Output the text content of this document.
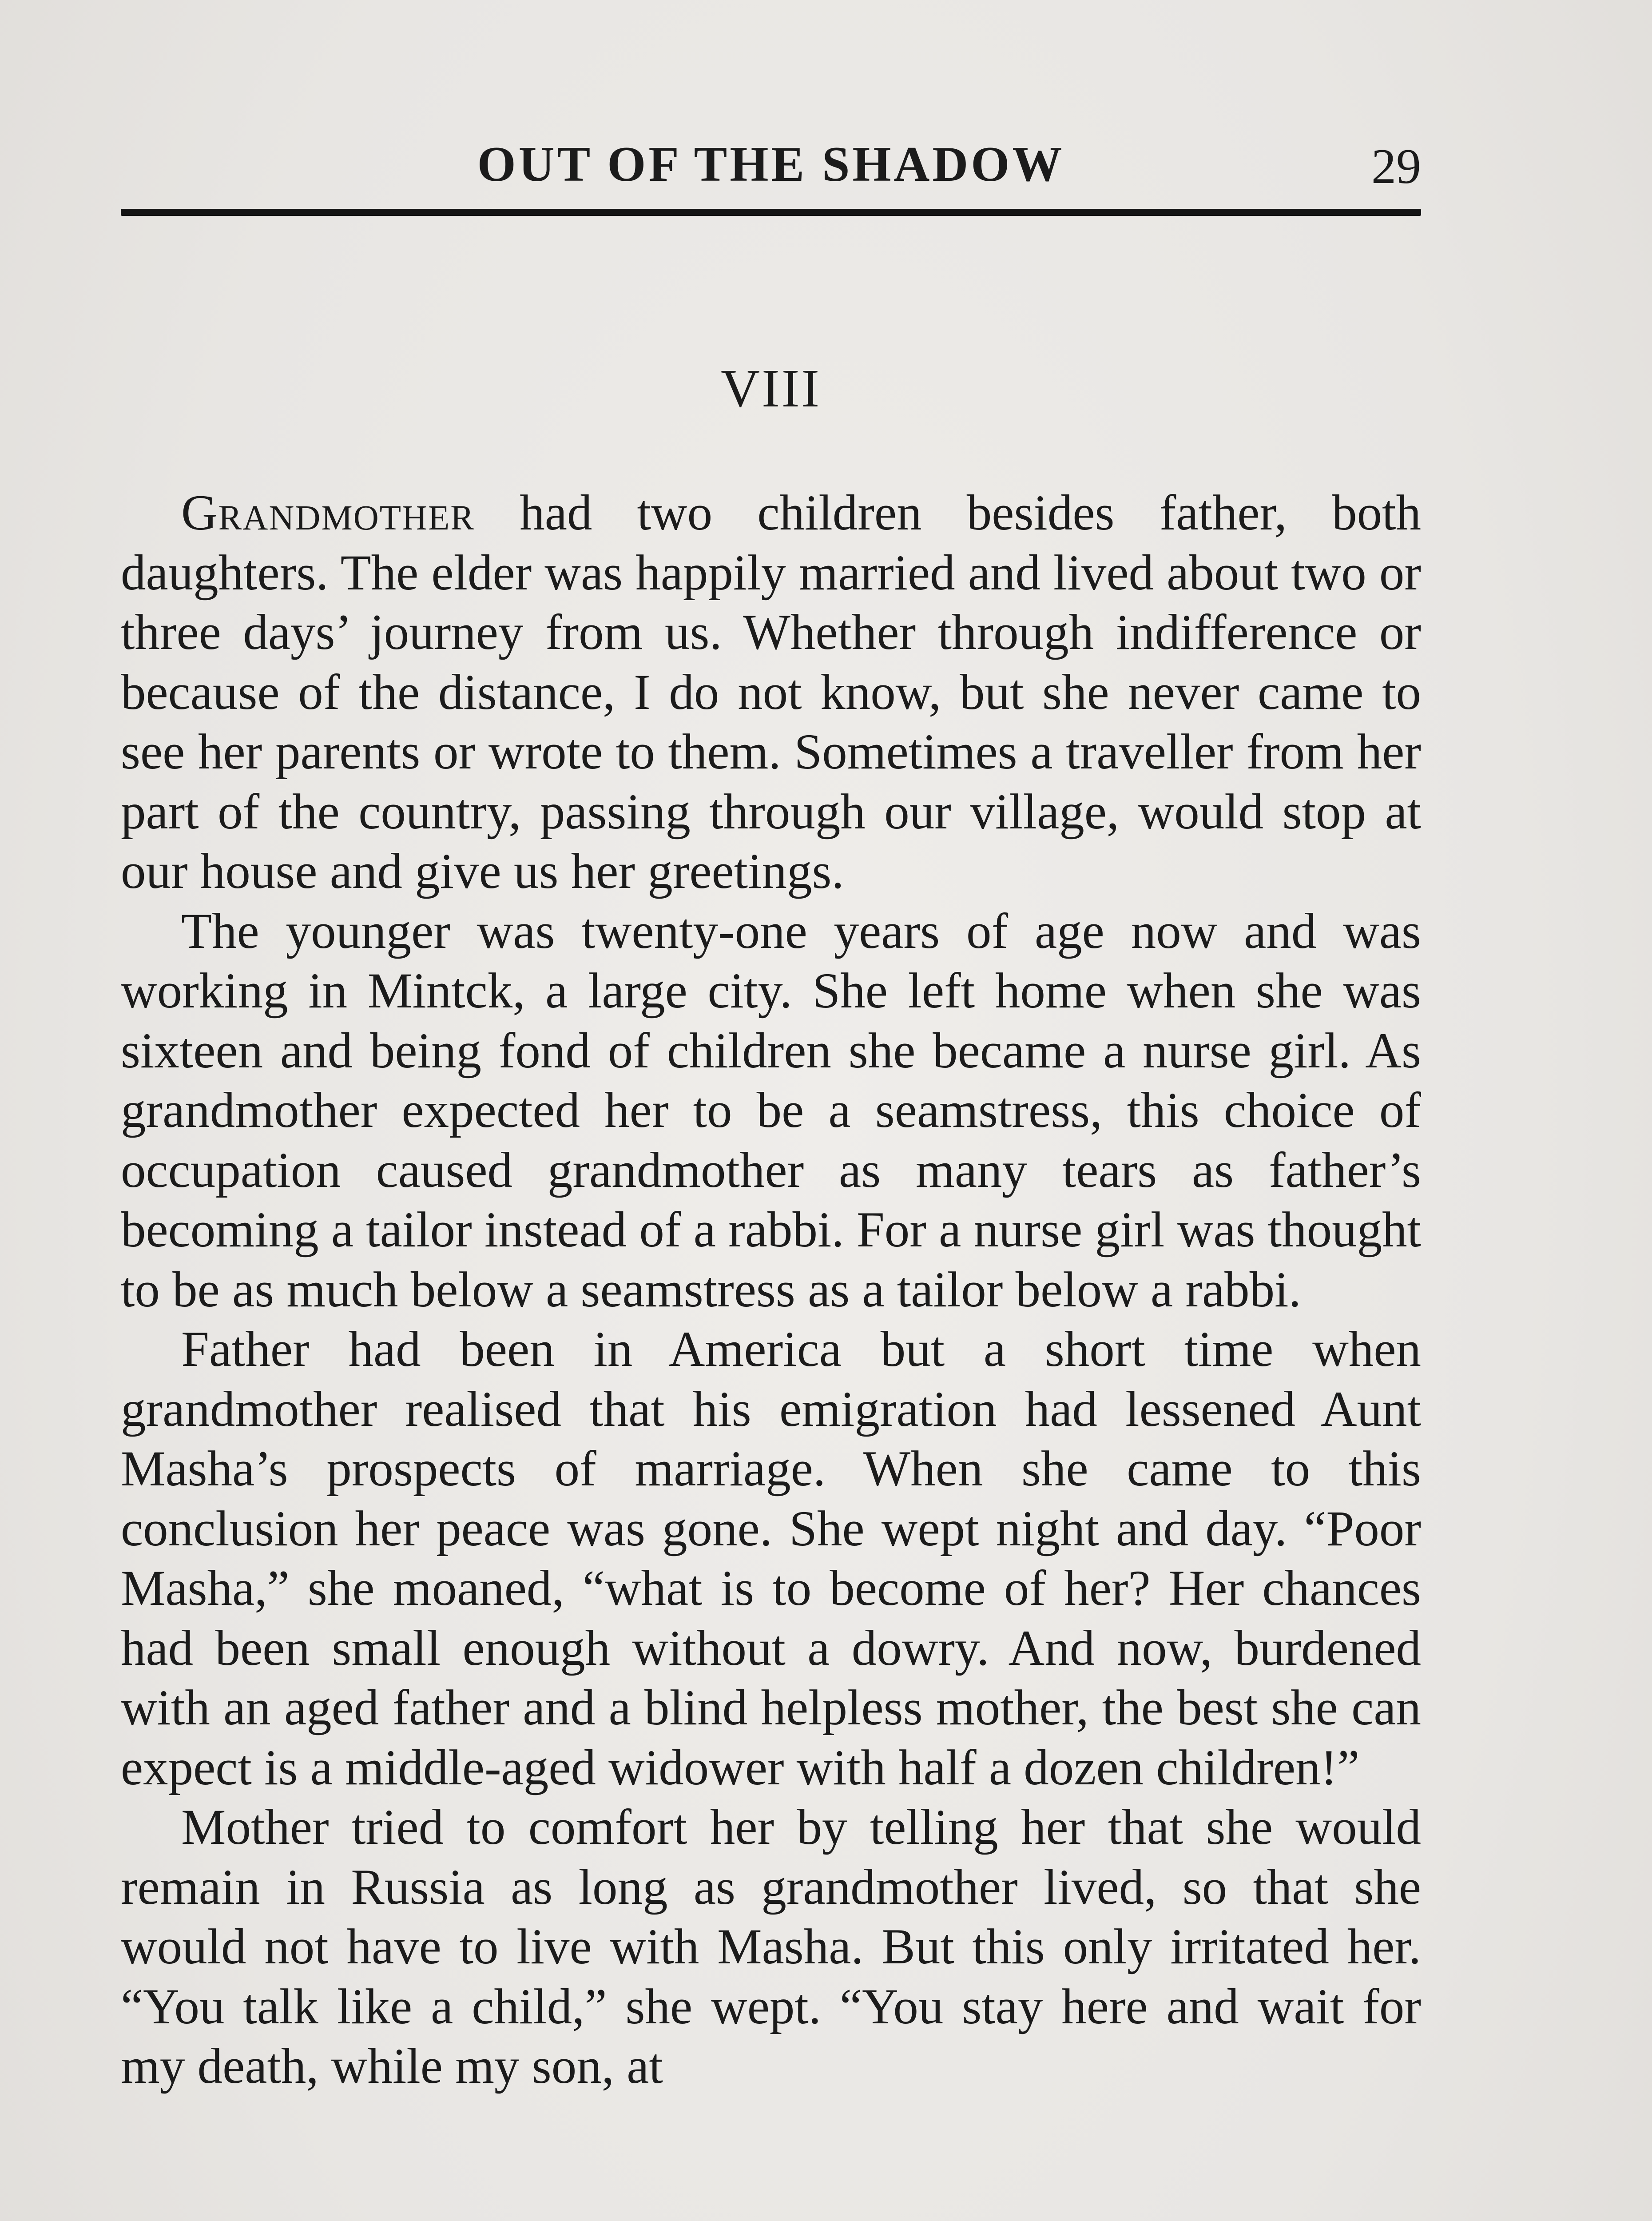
OUT OF THE SHADOW	29
VIII

Grandmother had two children besides father, both daughters. The elder was happily married and lived about two or three days’ journey from us. Whether through indifference or because of the distance, I do not know, but she never came to see her parents or wrote to them. Sometimes a traveller from her part of the country, passing through our village, would stop at our house and give us her greetings.

The younger was twenty-one years of age now and was working in Mintck, a large city. She left home when she was sixteen and being fond of children she became a nurse girl. As grandmother expected her to be a seamstress, this choice of occupation caused grandmother as many tears as father’s becoming a tailor instead of a rabbi. For a nurse girl was thought to be as much below a seamstress as a tailor below a rabbi.

Father had been in America but a short time when grandmother realised that his emigration had lessened Aunt Masha’s prospects of marriage. When she came to this conclusion her peace was gone. She wept night and day. “Poor Masha,” she moaned, “what is to become of her? Her chances had been small enough without a dowry. And now, burdened with an aged father and a blind helpless mother, the best she can expect is a middle-aged widower with half a dozen children!”

Mother tried to comfort her by telling her that she would remain in Russia as long as grandmother lived, so that she would not have to live with Masha. But this only irritated her. “You talk like a child,” she wept. “You stay here and wait for my death, while my son, at
